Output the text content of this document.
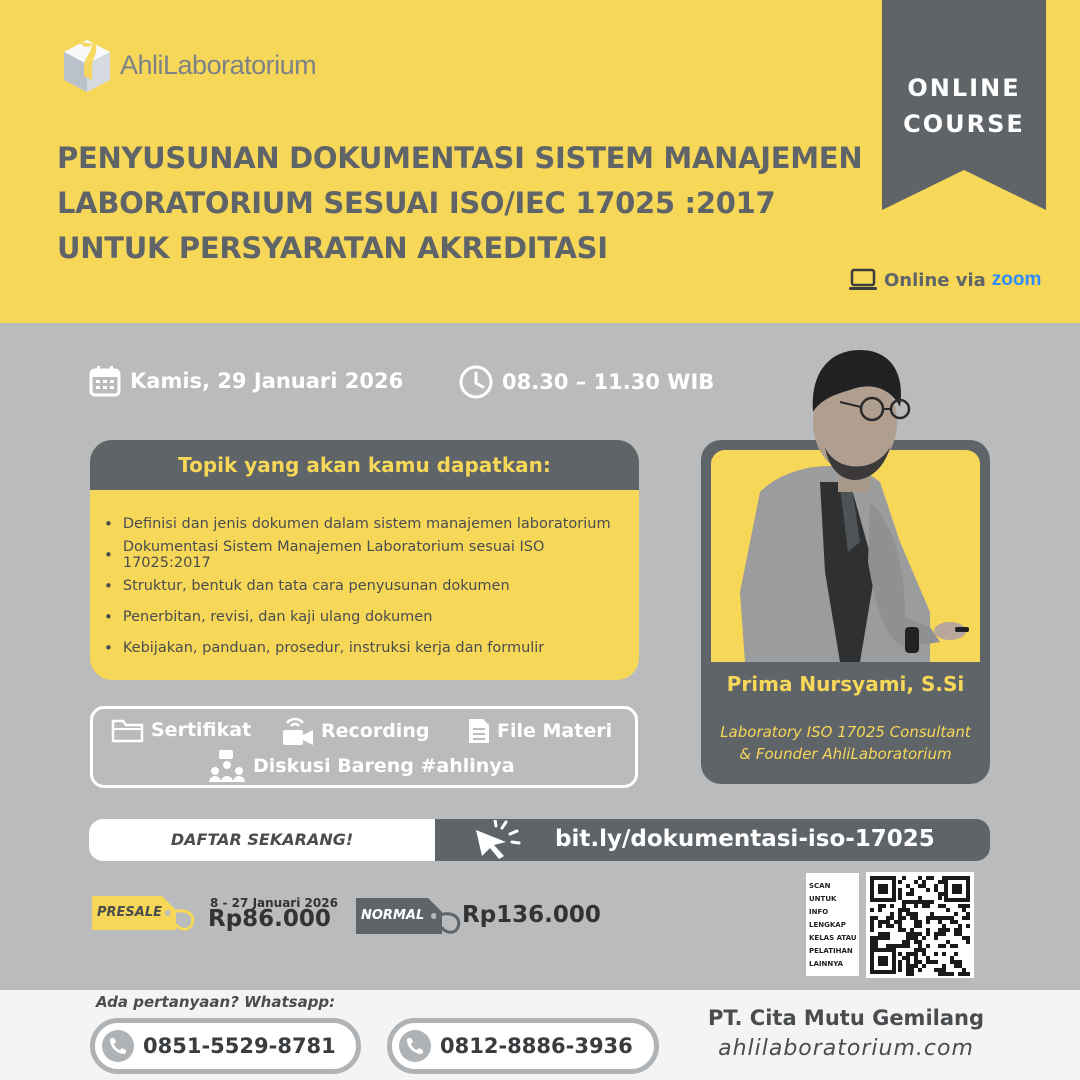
AhliLaboratorium
PENYUSUNAN DOKUMENTASI SISTEM MANAJEMEN
LABORATORIUM SESUAI ISO/IEC 17025 :2017
UNTUK PERSYARATAN AKREDITASI
ONLINE
COURSE
Online via zoom
Kamis, 29 Januari 2026	08.30 – 11.30 WIB
Topik yang akan kamu dapatkan:
• Definisi dan jenis dokumen dalam sistem manajemen laboratorium
• Dokumentasi Sistem Manajemen Laboratorium sesuai ISO 17025:2017
• Struktur, bentuk dan tata cara penyusunan dokumen
• Penerbitan, revisi, dan kaji ulang dokumen
• Kebijakan, panduan, prosedur, instruksi kerja dan formulir
Sertifikat	Recording	File Materi
Diskusi Bareng #ahlinya
Prima Nursyami, S.Si
Laboratory ISO 17025 Consultant
& Founder AhliLaboratorium
DAFTAR SEKARANG!	bit.ly/dokumentasi-iso-17025
PRESALE
8 - 27 Januari 2026
Rp86.000 NORMAL Rp136.000
SCAN
UNTUK
INFO
LENGKAP
KELAS ATAU
PELATIHAN
LAINNYA
Ada pertanyaan? Whatsapp:
0851-5529-8781	0812-8886-3936
PT. Cita Mutu Gemilang
ahlilaboratorium.com
